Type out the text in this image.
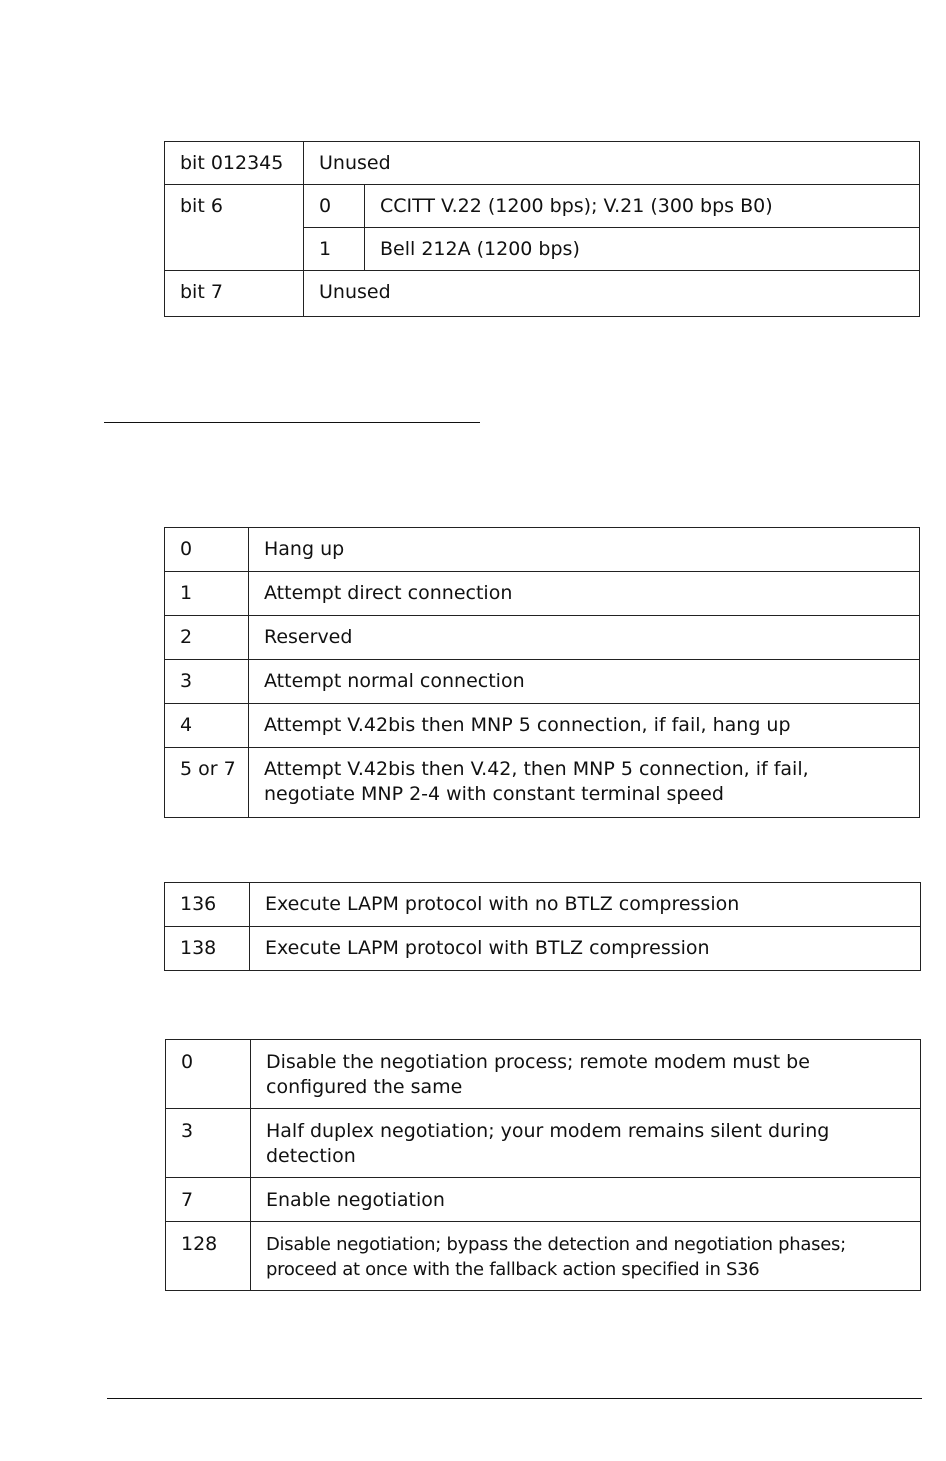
bit 012345	Unused	
bit 6	0	CCITT V.22 (1200 bps); V.21 (300 bps B0)
	1	Bell 212A (1200 bps)
bit 7	Unused	
0	Hang up
1	Attempt direct connection
2	Reserved
3	Attempt normal connection
4	Attempt V.42bis then MNP 5 connection, if fail, hang up
5 or 7	Attempt V.42bis then V.42, then MNP 5 connection, if fail, negotiate MNP 2-4 with constant terminal speed
136	Execute LAPM protocol with no BTLZ compression
138	Execute LAPM protocol with BTLZ compression
0	Disable the negotiation process; remote modem must be configured the same
3	Half duplex negotiation; your modem remains silent during detection
7	Enable negotiation
128	Disable negotiation; bypass the detection and negotiation phases; proceed at once with the fallback action specified in S36
